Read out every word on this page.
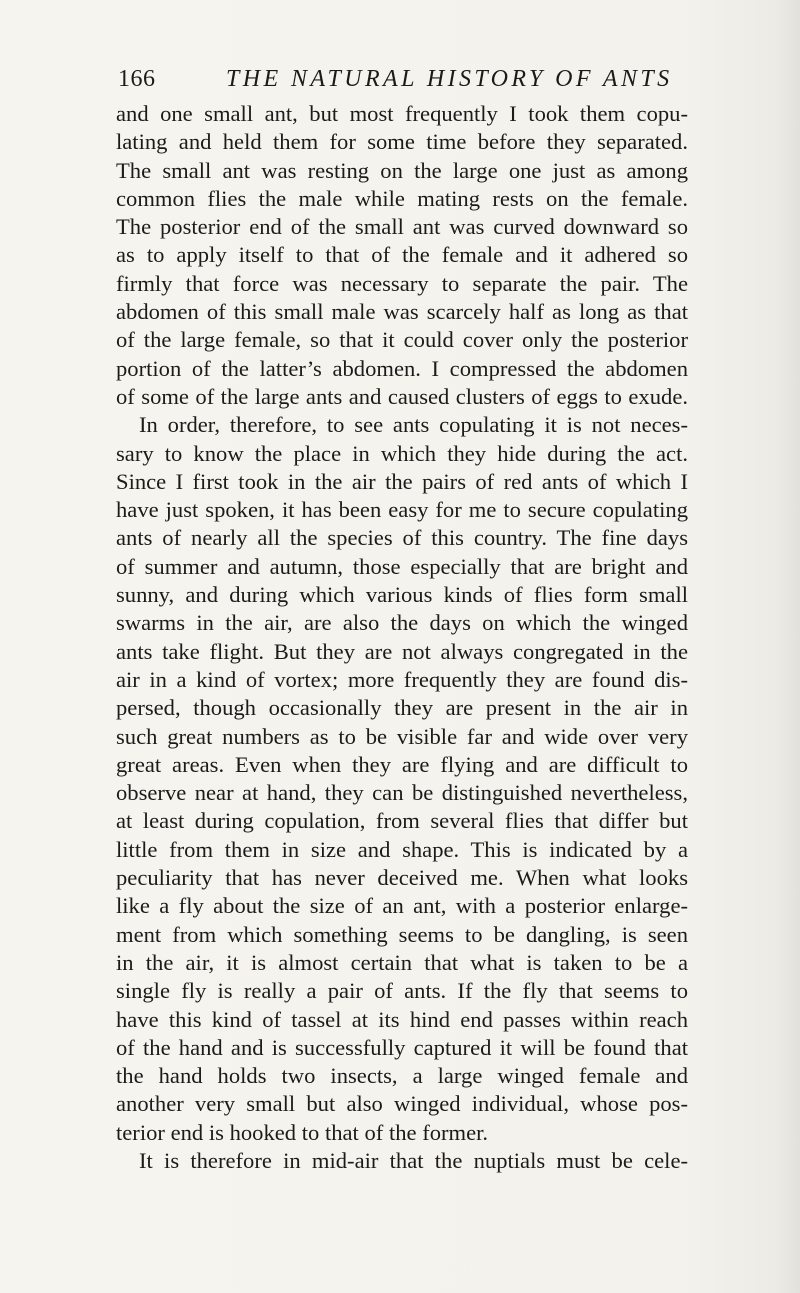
166	THE NATURAL HISTORY OF ANTS
and one small ant, but most frequently I took them copu-
lating and held them for some time before they separated.
The small ant was resting on the large one just as among
common flies the male while mating rests on the female.
The posterior end of the small ant was curved downward so
as to apply itself to that of the female and it adhered so
firmly that force was necessary to separate the pair. The
abdomen of this small male was scarcely half as long as that
of the large female, so that it could cover only the posterior
portion of the latter’s abdomen. I compressed the abdomen
of some of the large ants and caused clusters of eggs to exude.
In order, therefore, to see ants copulating it is not neces-
sary to know the place in which they hide during the act.
Since I first took in the air the pairs of red ants of which I
have just spoken, it has been easy for me to secure copulating
ants of nearly all the species of this country. The fine days
of summer and autumn, those especially that are bright and
sunny, and during which various kinds of flies form small
swarms in the air, are also the days on which the winged
ants take flight. But they are not always congregated in the
air in a kind of vortex; more frequently they are found dis-
persed, though occasionally they are present in the air in
such great numbers as to be visible far and wide over very
great areas. Even when they are flying and are difficult to
observe near at hand, they can be distinguished nevertheless,
at least during copulation, from several flies that differ but
little from them in size and shape. This is indicated by a
peculiarity that has never deceived me. When what looks
like a fly about the size of an ant, with a posterior enlarge-
ment from which something seems to be dangling, is seen
in the air, it is almost certain that what is taken to be a
single fly is really a pair of ants. If the fly that seems to
have this kind of tassel at its hind end passes within reach
of the hand and is successfully captured it will be found that
the hand holds two insects, a large winged female and
another very small but also winged individual, whose pos-
terior end is hooked to that of the former.
It is therefore in mid-air that the nuptials must be cele-
